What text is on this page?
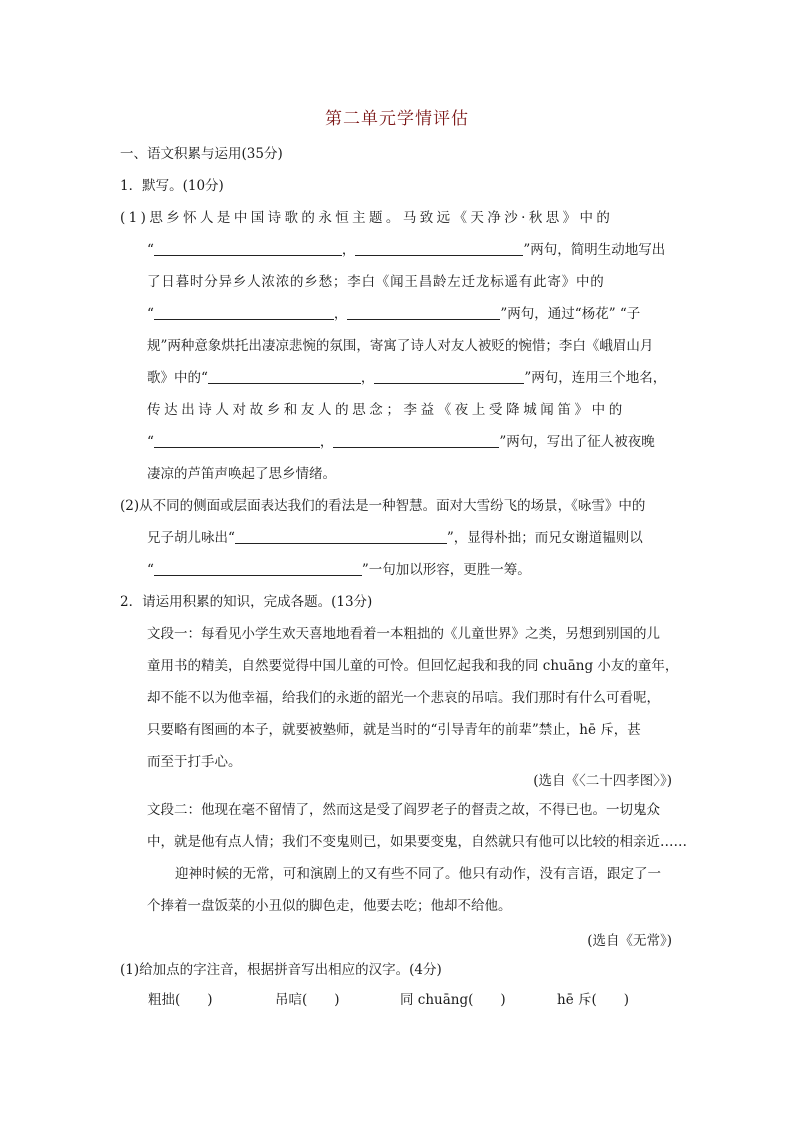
第二单元学情评估
一、语文积累与运用(35分)
1．默写。(10分)
(1)思乡怀人是中国诗歌的永恒主题。马致远《天净沙·秋思》中的
“	，	”两句，简明生动地写出
了日暮时分异乡人浓浓的乡愁；李白《闻王昌龄左迁龙标遥有此寄》中的
“	，	”两句，通过“杨花” “子
规”两种意象烘托出凄凉悲惋的氛围，寄寓了诗人对友人被贬的惋惜；李白《峨眉山月
歌》中的“	，	”两句，连用三个地名，
传达出诗人对故乡和友人的思念；李益《夜上受降城闻笛》中的
“	，	”两句，写出了征人被夜晚
凄凉的芦笛声唤起了思乡情绪。
(2)从不同的侧面或层面表达我们的看法是一种智慧。面对大雪纷飞的场景，《咏雪》中的
兄子胡儿咏出“	”，显得朴拙；而兄女谢道韫则以
“	”一句加以形容，更胜一筹。
2．请运用积累的知识，完成各题。(13分)
文段一：每看见小学生欢天喜地地看着一本粗拙的《儿童世界》之类，另想到别国的儿
童用书的精美，自然要觉得中国儿童的可怜。但回忆起我和我的同 chuāng 小友的童年，
却不能不以为他幸福，给我们的永逝的韶光一个悲哀的吊唁。我们那时有什么可看呢，
只要略有图画的本子，就要被塾师，就是当时的“引导青年的前辈”禁止，hē 斥，甚
而至于打手心。
(选自《〈二十四孝图〉》)
文段二：他现在毫不留情了，然而这是受了阎罗老子的督责之故，不得已也。一切鬼众
中，就是他有点人情；我们不变鬼则已，如果要变鬼，自然就只有他可以比较的相亲近……
迎神时候的无常，可和演剧上的又有些不同了。他只有动作，没有言语，跟定了一
个捧着一盘饭菜的小丑似的脚色走，他要去吃；他却不给他。
(选自《无常》)
(1)给加点的字注音，根据拼音写出相应的汉字。(4分)
粗拙(　　)	吊唁(　　)	同 chuāng(　　)	hē 斥(　　)
